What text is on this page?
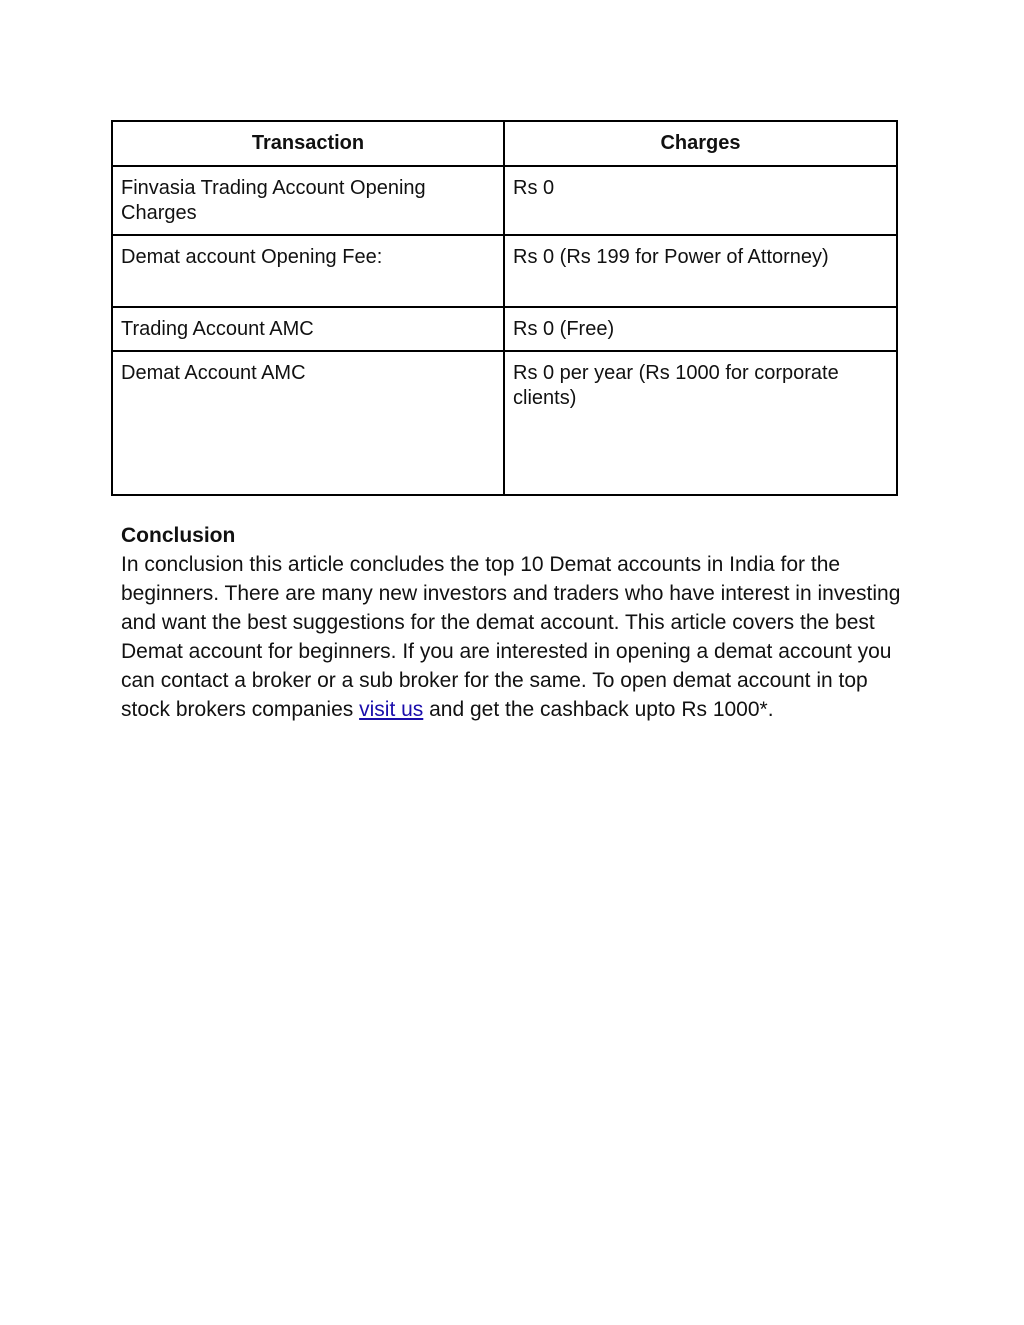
Transaction	Charges
Finvasia Trading Account Opening Charges	Rs 0
Demat account Opening Fee:	Rs 0 (Rs 199 for Power of Attorney)
Trading Account AMC	Rs 0 (Free)
Demat Account AMC	Rs 0 per year (Rs 1000 for corporate clients)

Conclusion

In conclusion this article concludes the top 10 Demat accounts in India for the beginners. There are many new investors and traders who have interest in investing and want the best suggestions for the demat account. This article covers the best Demat account for beginners. If you are interested in opening a demat account you can contact a broker or a sub broker for the same. To open demat account in top stock brokers companies visit us and get the cashback upto Rs 1000*.
